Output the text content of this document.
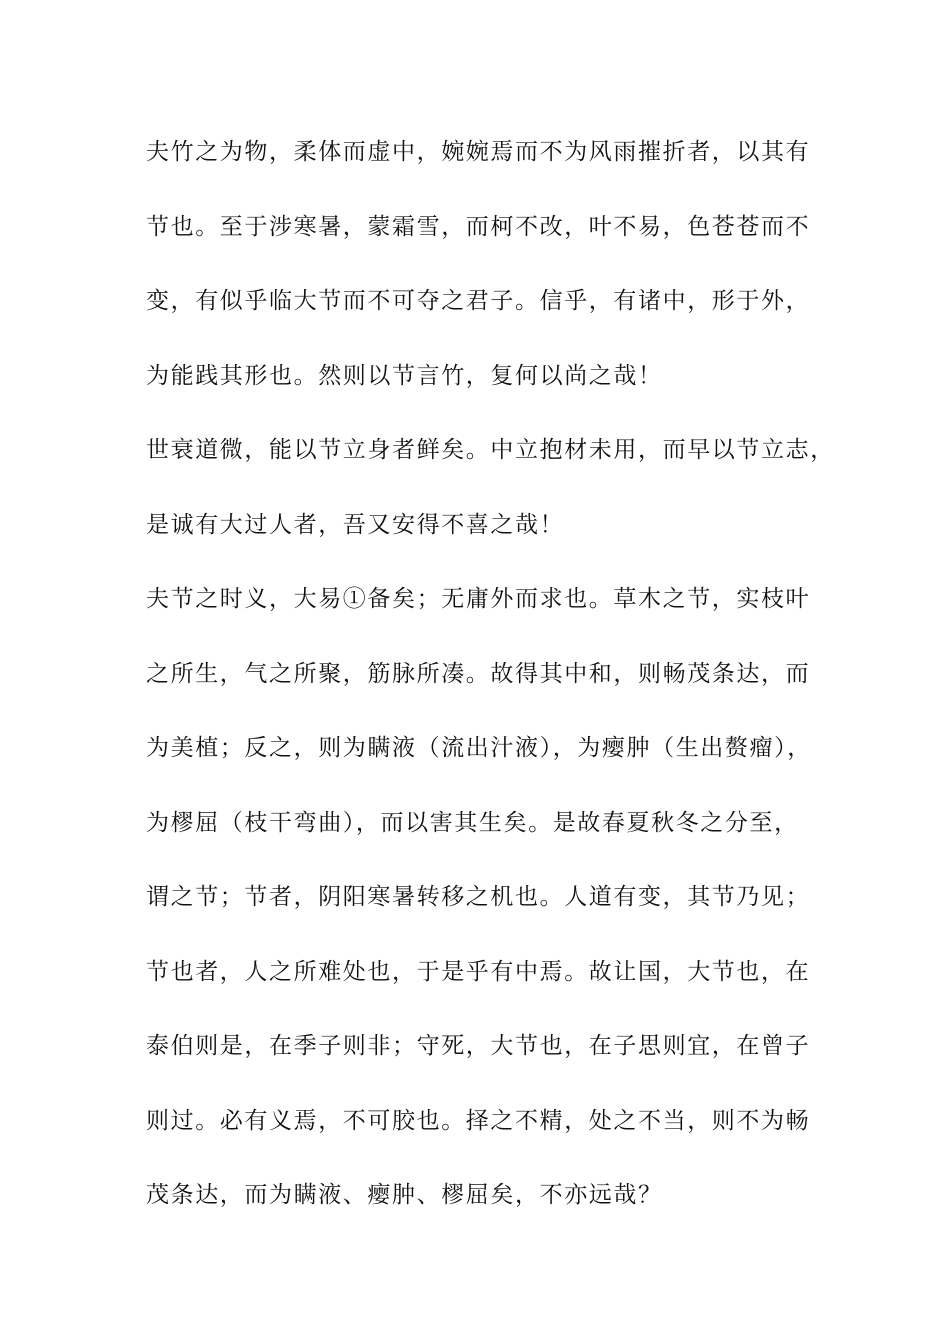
夫竹之为物，柔体而虚中，婉婉焉而不为风雨摧折者，以其有
节也。至于涉寒暑，蒙霜雪，而柯不改，叶不易，色苍苍而不
变，有似乎临大节而不可夺之君子。信乎，有诸中，形于外，
为能践其形也。然则以节言竹，复何以尚之哉！
世衰道微，能以节立身者鲜矣。中立抱材未用，而早以节立志，
是诚有大过人者，吾又安得不喜之哉！
夫节之时义，大易①备矣；无庸外而求也。草木之节，实枝叶
之所生，气之所聚，筋脉所凑。故得其中和，则畅茂条达，而
为美植；反之，则为瞒液（流出汁液），为瘿肿（生出赘瘤），
为樛屈（枝干弯曲），而以害其生矣。是故春夏秋冬之分至，
谓之节；节者，阴阳寒暑转移之机也。人道有变，其节乃见；
节也者，人之所难处也，于是乎有中焉。故让国，大节也，在
泰伯则是，在季子则非；守死，大节也，在子思则宜，在曾子
则过。必有义焉，不可胶也。择之不精，处之不当，则不为畅
茂条达，而为瞒液、瘿肿、樛屈矣，不亦远哉？
